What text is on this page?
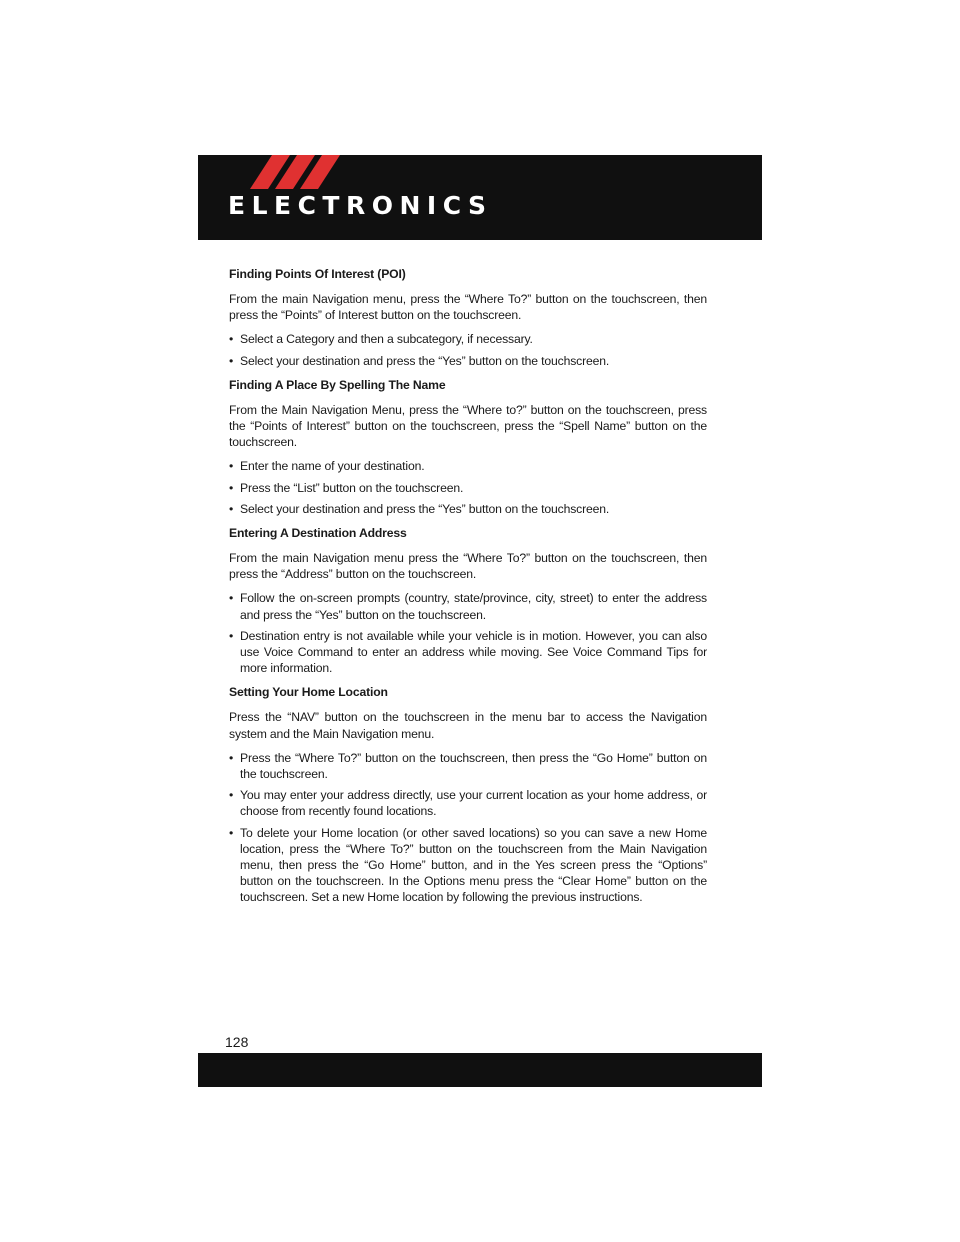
ELECTRONICS
Finding Points Of Interest (POI)

From the main Navigation menu, press the “Where To?” button on the touchscreen, then press the “Points” of Interest button on the touchscreen.

• Select a Category and then a subcategory, if necessary.
• Select your destination and press the “Yes” button on the touchscreen.
Finding A Place By Spelling The Name

From the Main Navigation Menu, press the “Where to?” button on the touchscreen, press the “Points of Interest” button on the touchscreen, press the “Spell Name” button on the touchscreen.

• Enter the name of your destination.
• Press the “List” button on the touchscreen.
• Select your destination and press the “Yes” button on the touchscreen.
Entering A Destination Address

From the main Navigation menu press the “Where To?” button on the touchscreen, then press the “Address” button on the touchscreen.

• Follow the on-screen prompts (country, state/province, city, street) to enter the address and press the “Yes” button on the touchscreen.
• Destination entry is not available while your vehicle is in motion. However, you can also use Voice Command to enter an address while moving. See Voice Command Tips for more information.
Setting Your Home Location

Press the “NAV” button on the touchscreen in the menu bar to access the Navigation system and the Main Navigation menu.

• Press the “Where To?” button on the touchscreen, then press the “Go Home” button on the touchscreen.
• You may enter your address directly, use your current location as your home address, or choose from recently found locations.
• To delete your Home location (or other saved locations) so you can save a new Home location, press the “Where To?” button on the touchscreen from the Main Navigation menu, then press the “Go Home” button, and in the Yes screen press the “Options” button on the touchscreen. In the Options menu press the “Clear Home” button on the touchscreen. Set a new Home location by following the previous instructions.
128
